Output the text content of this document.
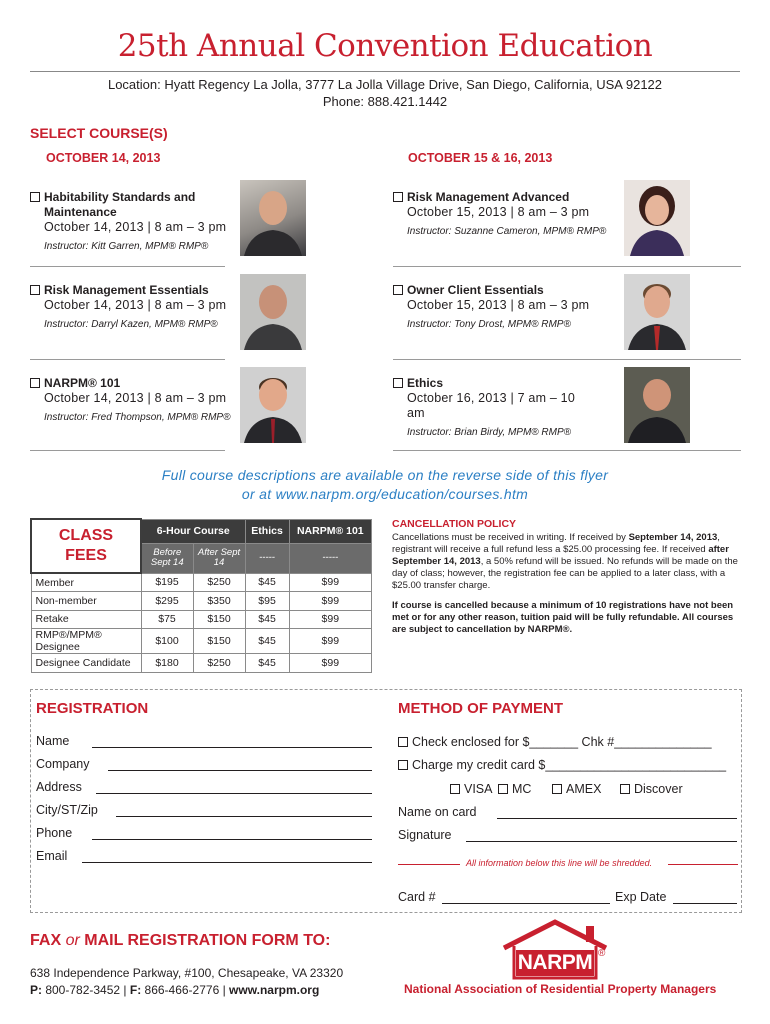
25th Annual Convention Education
Location: Hyatt Regency La Jolla, 3777 La Jolla Village Drive, San Diego, California, USA 92122
Phone: 888.421.1442
SELECT COURSE(S)
OCTOBER 14, 2013	OCTOBER 15 & 16, 2013
Habitability Standards and Maintenance
October 14, 2013 | 8 am – 3 pm
Instructor: Kitt Garren, MPM® RMP®
Risk Management Advanced
October 15, 2013 | 8 am – 3 pm
Instructor: Suzanne Cameron, MPM® RMP®
Risk Management Essentials
October 14, 2013 | 8 am – 3 pm
Instructor: Darryl Kazen, MPM® RMP®
Owner Client Essentials
October 15, 2013 | 8 am – 3 pm
Instructor: Tony Drost, MPM® RMP®
NARPM® 101
October 14, 2013 | 8 am – 3 pm
Instructor: Fred Thompson, MPM® RMP®
Ethics
October 16, 2013 | 7 am – 10 am
Instructor: Brian Birdy, MPM® RMP®
Full course descriptions are available on the reverse side of this flyer
or at www.narpm.org/education/courses.htm
CLASS
FEES	6-Hour Course		Ethics	NARPM® 101
	Before Sept 14	After Sept 14	-----	-----
Member	$195	$250	$45	$99
Non-member	$295	$350	$95	$99
Retake	$75	$150	$45	$99
RMP®/MPM® Designee	$100	$150	$45	$99
Designee Candidate	$180	$250	$45	$99
CANCELLATION POLICY
Cancellations must be received in writing. If received by September 14, 2013, registrant will receive a full refund less a $25.00 processing fee. If received after September 14, 2013, a 50% refund will be issued. No refunds will be made on the day of class; however, the registration fee can be applied to a later class, with a $25.00 transfer charge.
If course is cancelled because a minimum of 10 registrations have not been met or for any other reason, tuition paid will be fully refundable. All courses are subject to cancellation by NARPM®.
REGISTRATION	METHOD OF PAYMENT
Name
Company
Address
City/ST/Zip
Phone
Email
Check enclosed for $_______ Chk #______________
Charge my credit card $__________________________
VISA	MC	AMEX	Discover
Name on card
Signature
All information below this line will be shredded.
Card #	Exp Date
FAX or MAIL REGISTRATION FORM TO:
638 Independence Parkway, #100, Chesapeake, VA 23320
P: 800-782-3452 | F: 866-466-2776 | www.narpm.org
NARPM ®
National Association of Residential Property Managers
